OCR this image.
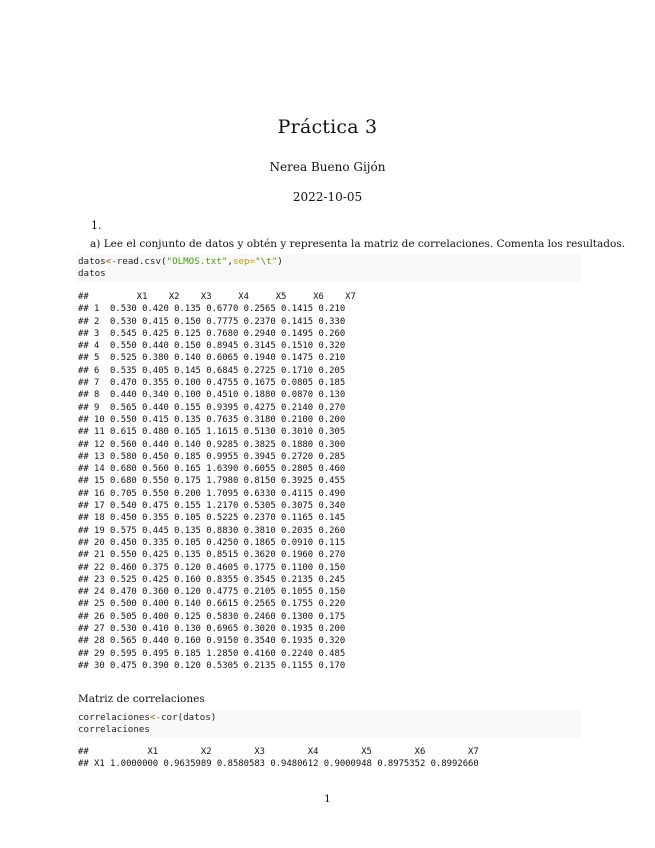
Práctica 3
Nerea Bueno Gijón
2022-10-05
1.
a) Lee el conjunto de datos y obtén y representa la matriz de correlaciones. Comenta los resultados.
datos<-read.csv("OLMOS.txt",sep="\t")
datos
##         X1    X2    X3     X4     X5     X6    X7
## 1  0.530 0.420 0.135 0.6770 0.2565 0.1415 0.210
## 2  0.530 0.415 0.150 0.7775 0.2370 0.1415 0.330
## 3  0.545 0.425 0.125 0.7680 0.2940 0.1495 0.260
## 4  0.550 0.440 0.150 0.8945 0.3145 0.1510 0.320
## 5  0.525 0.380 0.140 0.6065 0.1940 0.1475 0.210
## 6  0.535 0.405 0.145 0.6845 0.2725 0.1710 0.205
## 7  0.470 0.355 0.100 0.4755 0.1675 0.0805 0.185
## 8  0.440 0.340 0.100 0.4510 0.1880 0.0870 0.130
## 9  0.565 0.440 0.155 0.9395 0.4275 0.2140 0.270
## 10 0.550 0.415 0.135 0.7635 0.3180 0.2100 0.200
## 11 0.615 0.480 0.165 1.1615 0.5130 0.3010 0.305
## 12 0.560 0.440 0.140 0.9285 0.3825 0.1880 0.300
## 13 0.580 0.450 0.185 0.9955 0.3945 0.2720 0.285
## 14 0.680 0.560 0.165 1.6390 0.6055 0.2805 0.460
## 15 0.680 0.550 0.175 1.7980 0.8150 0.3925 0.455
## 16 0.705 0.550 0.200 1.7095 0.6330 0.4115 0.490
## 17 0.540 0.475 0.155 1.2170 0.5305 0.3075 0.340
## 18 0.450 0.355 0.105 0.5225 0.2370 0.1165 0.145
## 19 0.575 0.445 0.135 0.8830 0.3810 0.2035 0.260
## 20 0.450 0.335 0.105 0.4250 0.1865 0.0910 0.115
## 21 0.550 0.425 0.135 0.8515 0.3620 0.1960 0.270
## 22 0.460 0.375 0.120 0.4605 0.1775 0.1100 0.150
## 23 0.525 0.425 0.160 0.8355 0.3545 0.2135 0.245
## 24 0.470 0.360 0.120 0.4775 0.2105 0.1055 0.150
## 25 0.500 0.400 0.140 0.6615 0.2565 0.1755 0.220
## 26 0.505 0.400 0.125 0.5830 0.2460 0.1300 0.175
## 27 0.530 0.410 0.130 0.6965 0.3020 0.1935 0.200
## 28 0.565 0.440 0.160 0.9150 0.3540 0.1935 0.320
## 29 0.595 0.495 0.185 1.2850 0.4160 0.2240 0.485
## 30 0.475 0.390 0.120 0.5305 0.2135 0.1155 0.170
Matriz de correlaciones
correlaciones<-cor(datos)
correlaciones
##           X1        X2        X3        X4        X5        X6        X7
## X1 1.0000000 0.9635989 0.8580583 0.9480612 0.9000948 0.8975352 0.8992660
1
